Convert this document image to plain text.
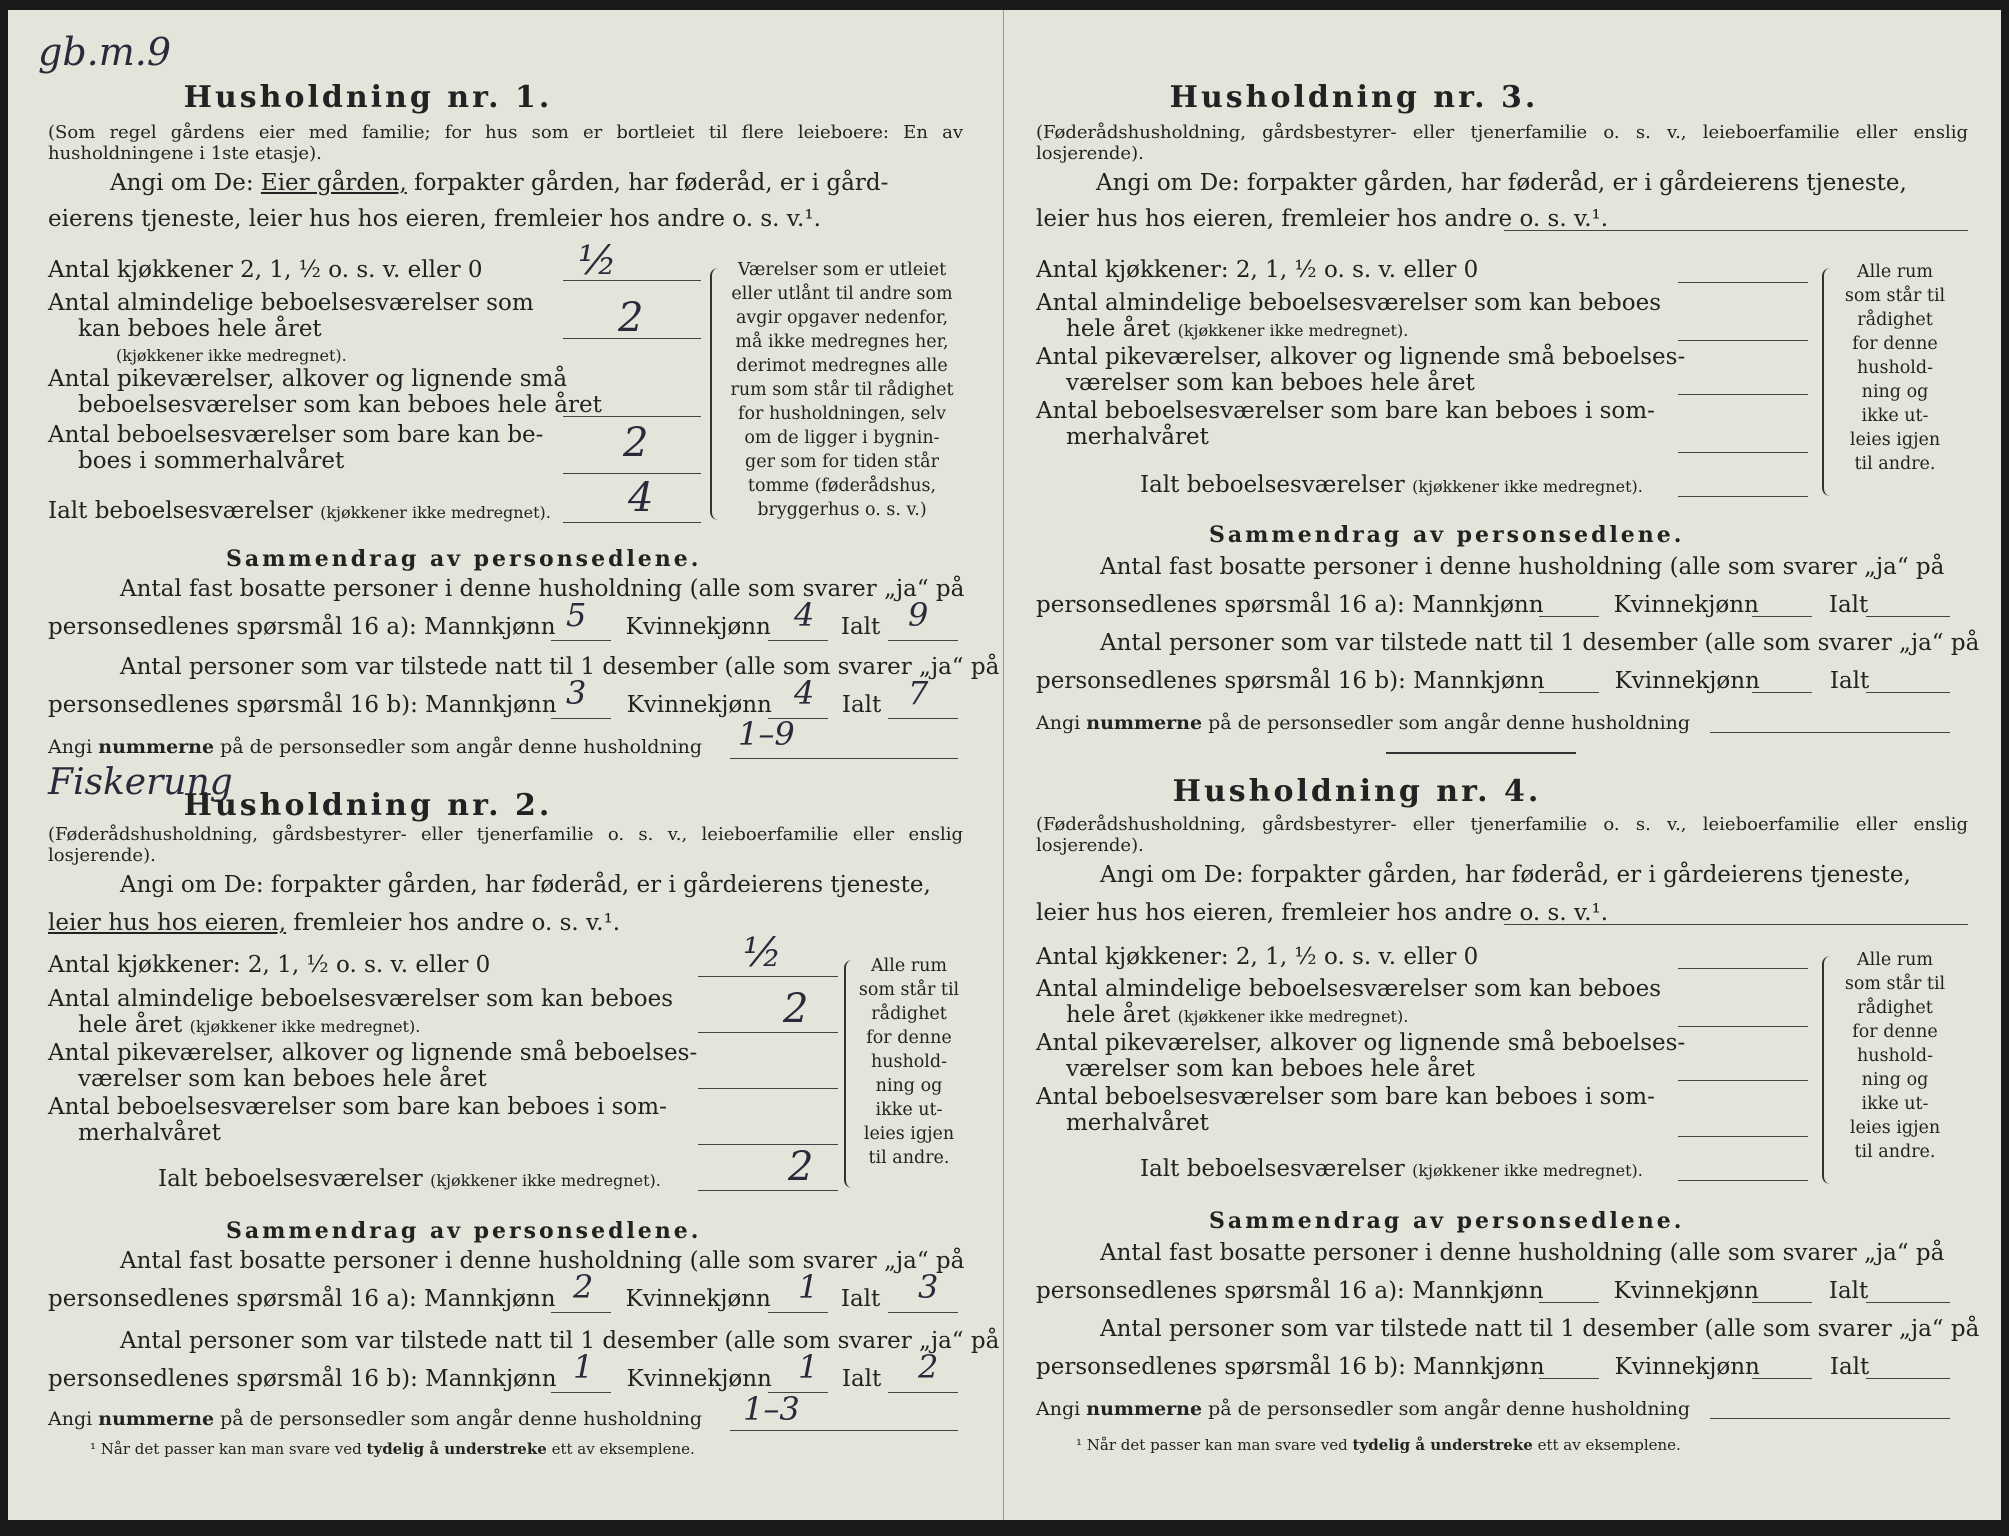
gb.m.9
Husholdning nr. 1.
(Som regel gårdens eier med familie; for hus som er bortleiet til flere leieboere: En av husholdningene i 1ste etasje).
Angi om De: Eier gården, forpakter gården, har føderåd, er i gård-
eierens tjeneste, leier hus hos eieren, fremleier hos andre o. s. v.¹.
Antal kjøkkener 2, 1, ½ o. s. v. eller 0 ½
Antal almindelige beboelsesværelser som
kan beboes hele året
(kjøkkener ikke medregnet).
2
Antal pikeværelser, alkover og lignende små
beboelsesværelser som kan beboes hele året
Antal beboelsesværelser som bare kan be-
boes i sommerhalvåret	2
Ialt beboelsesværelser (kjøkkener ikke medregnet). 4
Værelser som er utleiet
eller utlånt til andre som
avgir opgaver nedenfor,
må ikke medregnes her,
derimot medregnes alle
rum som står til rådighet
for husholdningen, selv
om de ligger i bygnin-
ger som for tiden står
tomme (føderådshus,
bryggerhus o. s. v.)
Sammendrag av personsedlene.
Antal fast bosatte personer i denne husholdning (alle som svarer „ja“ på
personsedlenes spørsmål 16 a): Mannkjønn	Kvinnekjønn	Ialt
5	4	9
Antal personer som var tilstede natt til 1 desember (alle som svarer „ja“ på
personsedlenes spørsmål 16 b): Mannkjønn	Kvinnekjønn	Ialt
3	4	7
Angi nummerne på de personsedler som angår denne husholdning 1–9
Fiskerung
Husholdning nr. 2.
(Føderådshusholdning, gårdsbestyrer- eller tjenerfamilie o. s. v., leieboerfamilie eller enslig losjerende).
Angi om De: forpakter gården, har føderåd, er i gårdeierens tjeneste,
leier hus hos eieren, fremleier hos andre o. s. v.¹.
Antal kjøkkener: 2, 1, ½ o. s. v. eller 0	½
Antal almindelige beboelsesværelser som kan beboes
hele året (kjøkkener ikke medregnet).	2
Antal pikeværelser, alkover og lignende små beboelses-
værelser som kan beboes hele året
Antal beboelsesværelser som bare kan beboes i som-
merhalvåret
Ialt beboelsesværelser (kjøkkener ikke medregnet).	2
Alle rum
som står til
rådighet
for denne
hushold-
ning og
ikke ut-
leies igjen
til andre.
Sammendrag av personsedlene.
Antal fast bosatte personer i denne husholdning (alle som svarer „ja“ på
personsedlenes spørsmål 16 a): Mannkjønn	Kvinnekjønn	Ialt
2	1	3
Antal personer som var tilstede natt til 1 desember (alle som svarer „ja“ på
personsedlenes spørsmål 16 b): Mannkjønn	Kvinnekjønn	Ialt
1	1	2
Angi nummerne på de personsedler som angår denne husholdning 1–3
¹ Når det passer kan man svare ved tydelig å understreke ett av eksemplene.
Husholdning nr. 3.
(Føderådshusholdning, gårdsbestyrer- eller tjenerfamilie o. s. v., leieboerfamilie eller enslig losjerende).
Angi om De: forpakter gården, har føderåd, er i gårdeierens tjeneste,
leier hus hos eieren, fremleier hos andre o. s. v.¹.
Antal kjøkkener: 2, 1, ½ o. s. v. eller 0
Antal almindelige beboelsesværelser som kan beboes
hele året (kjøkkener ikke medregnet).
Antal pikeværelser, alkover og lignende små beboelses-
værelser som kan beboes hele året
Antal beboelsesværelser som bare kan beboes i som-
merhalvåret
Ialt beboelsesværelser (kjøkkener ikke medregnet).
Alle rum
som står til
rådighet
for denne
hushold-
ning og
ikke ut-
leies igjen
til andre.
Sammendrag av personsedlene.
Antal fast bosatte personer i denne husholdning (alle som svarer „ja“ på
personsedlenes spørsmål 16 a): Mannkjønn	Kvinnekjønn	Ialt
Antal personer som var tilstede natt til 1 desember (alle som svarer „ja“ på
personsedlenes spørsmål 16 b): Mannkjønn	Kvinnekjønn	Ialt
Angi nummerne på de personsedler som angår denne husholdning
Husholdning nr. 4.
(Føderådshusholdning, gårdsbestyrer- eller tjenerfamilie o. s. v., leieboerfamilie eller enslig losjerende).
Angi om De: forpakter gården, har føderåd, er i gårdeierens tjeneste,
leier hus hos eieren, fremleier hos andre o. s. v.¹.
Antal kjøkkener: 2, 1, ½ o. s. v. eller 0
Antal almindelige beboelsesværelser som kan beboes
hele året (kjøkkener ikke medregnet).
Antal pikeværelser, alkover og lignende små beboelses-
værelser som kan beboes hele året
Antal beboelsesværelser som bare kan beboes i som-
merhalvåret
Ialt beboelsesværelser (kjøkkener ikke medregnet).
Alle rum
som står til
rådighet
for denne
hushold-
ning og
ikke ut-
leies igjen
til andre.
Sammendrag av personsedlene.
Antal fast bosatte personer i denne husholdning (alle som svarer „ja“ på
personsedlenes spørsmål 16 a): Mannkjønn	Kvinnekjønn	Ialt
Antal personer som var tilstede natt til 1 desember (alle som svarer „ja“ på
personsedlenes spørsmål 16 b): Mannkjønn	Kvinnekjønn	Ialt
Angi nummerne på de personsedler som angår denne husholdning
¹ Når det passer kan man svare ved tydelig å understreke ett av eksemplene.
